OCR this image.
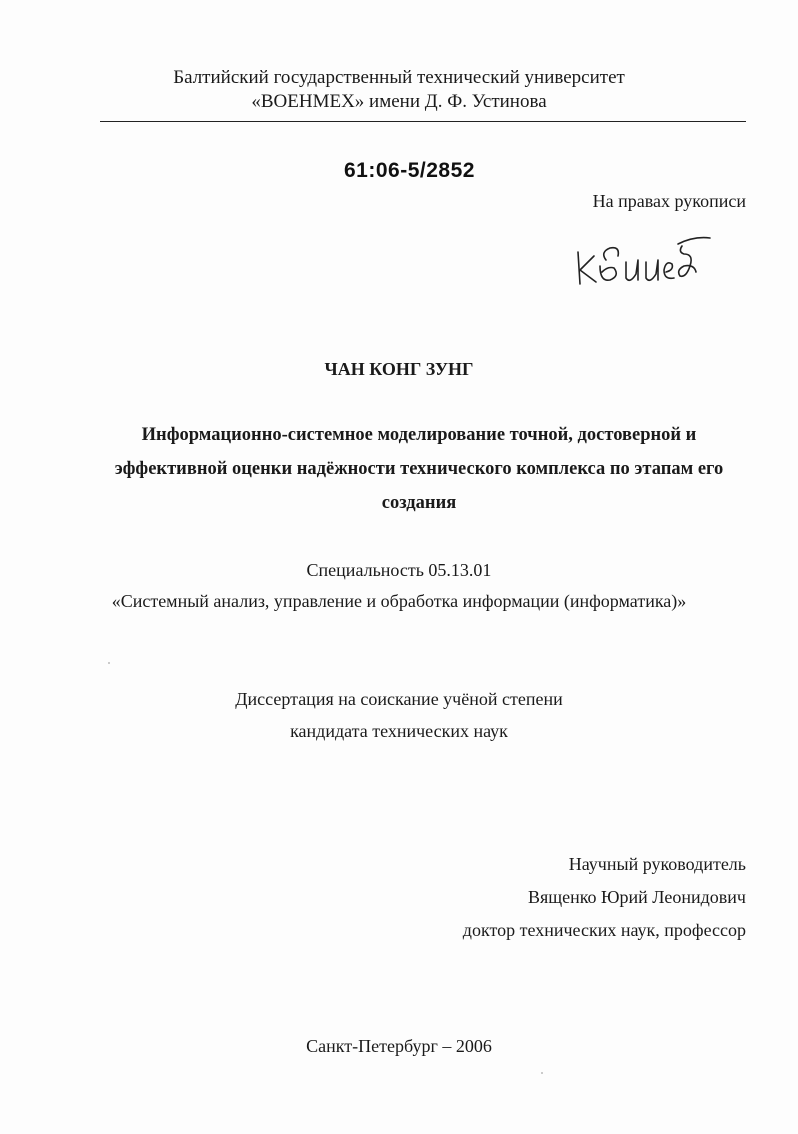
Балтийский государственный технический университет
«ВОЕНМЕХ» имени Д. Ф. Устинова
61:06-5/2852
На правах рукописи
ЧАН КОНГ ЗУНГ
Информационно-системное моделирование точной, достоверной и
эффективной оценки надёжности технического комплекса по этапам его
создания
Специальность 05.13.01
«Системный анализ, управление и обработка информации (информатика)»
Диссертация на соискание учёной степени
кандидата технических наук
Научный руководитель
Вященко Юрий Леонидович
доктор технических наук, профессор
Санкт-Петербург – 2006
